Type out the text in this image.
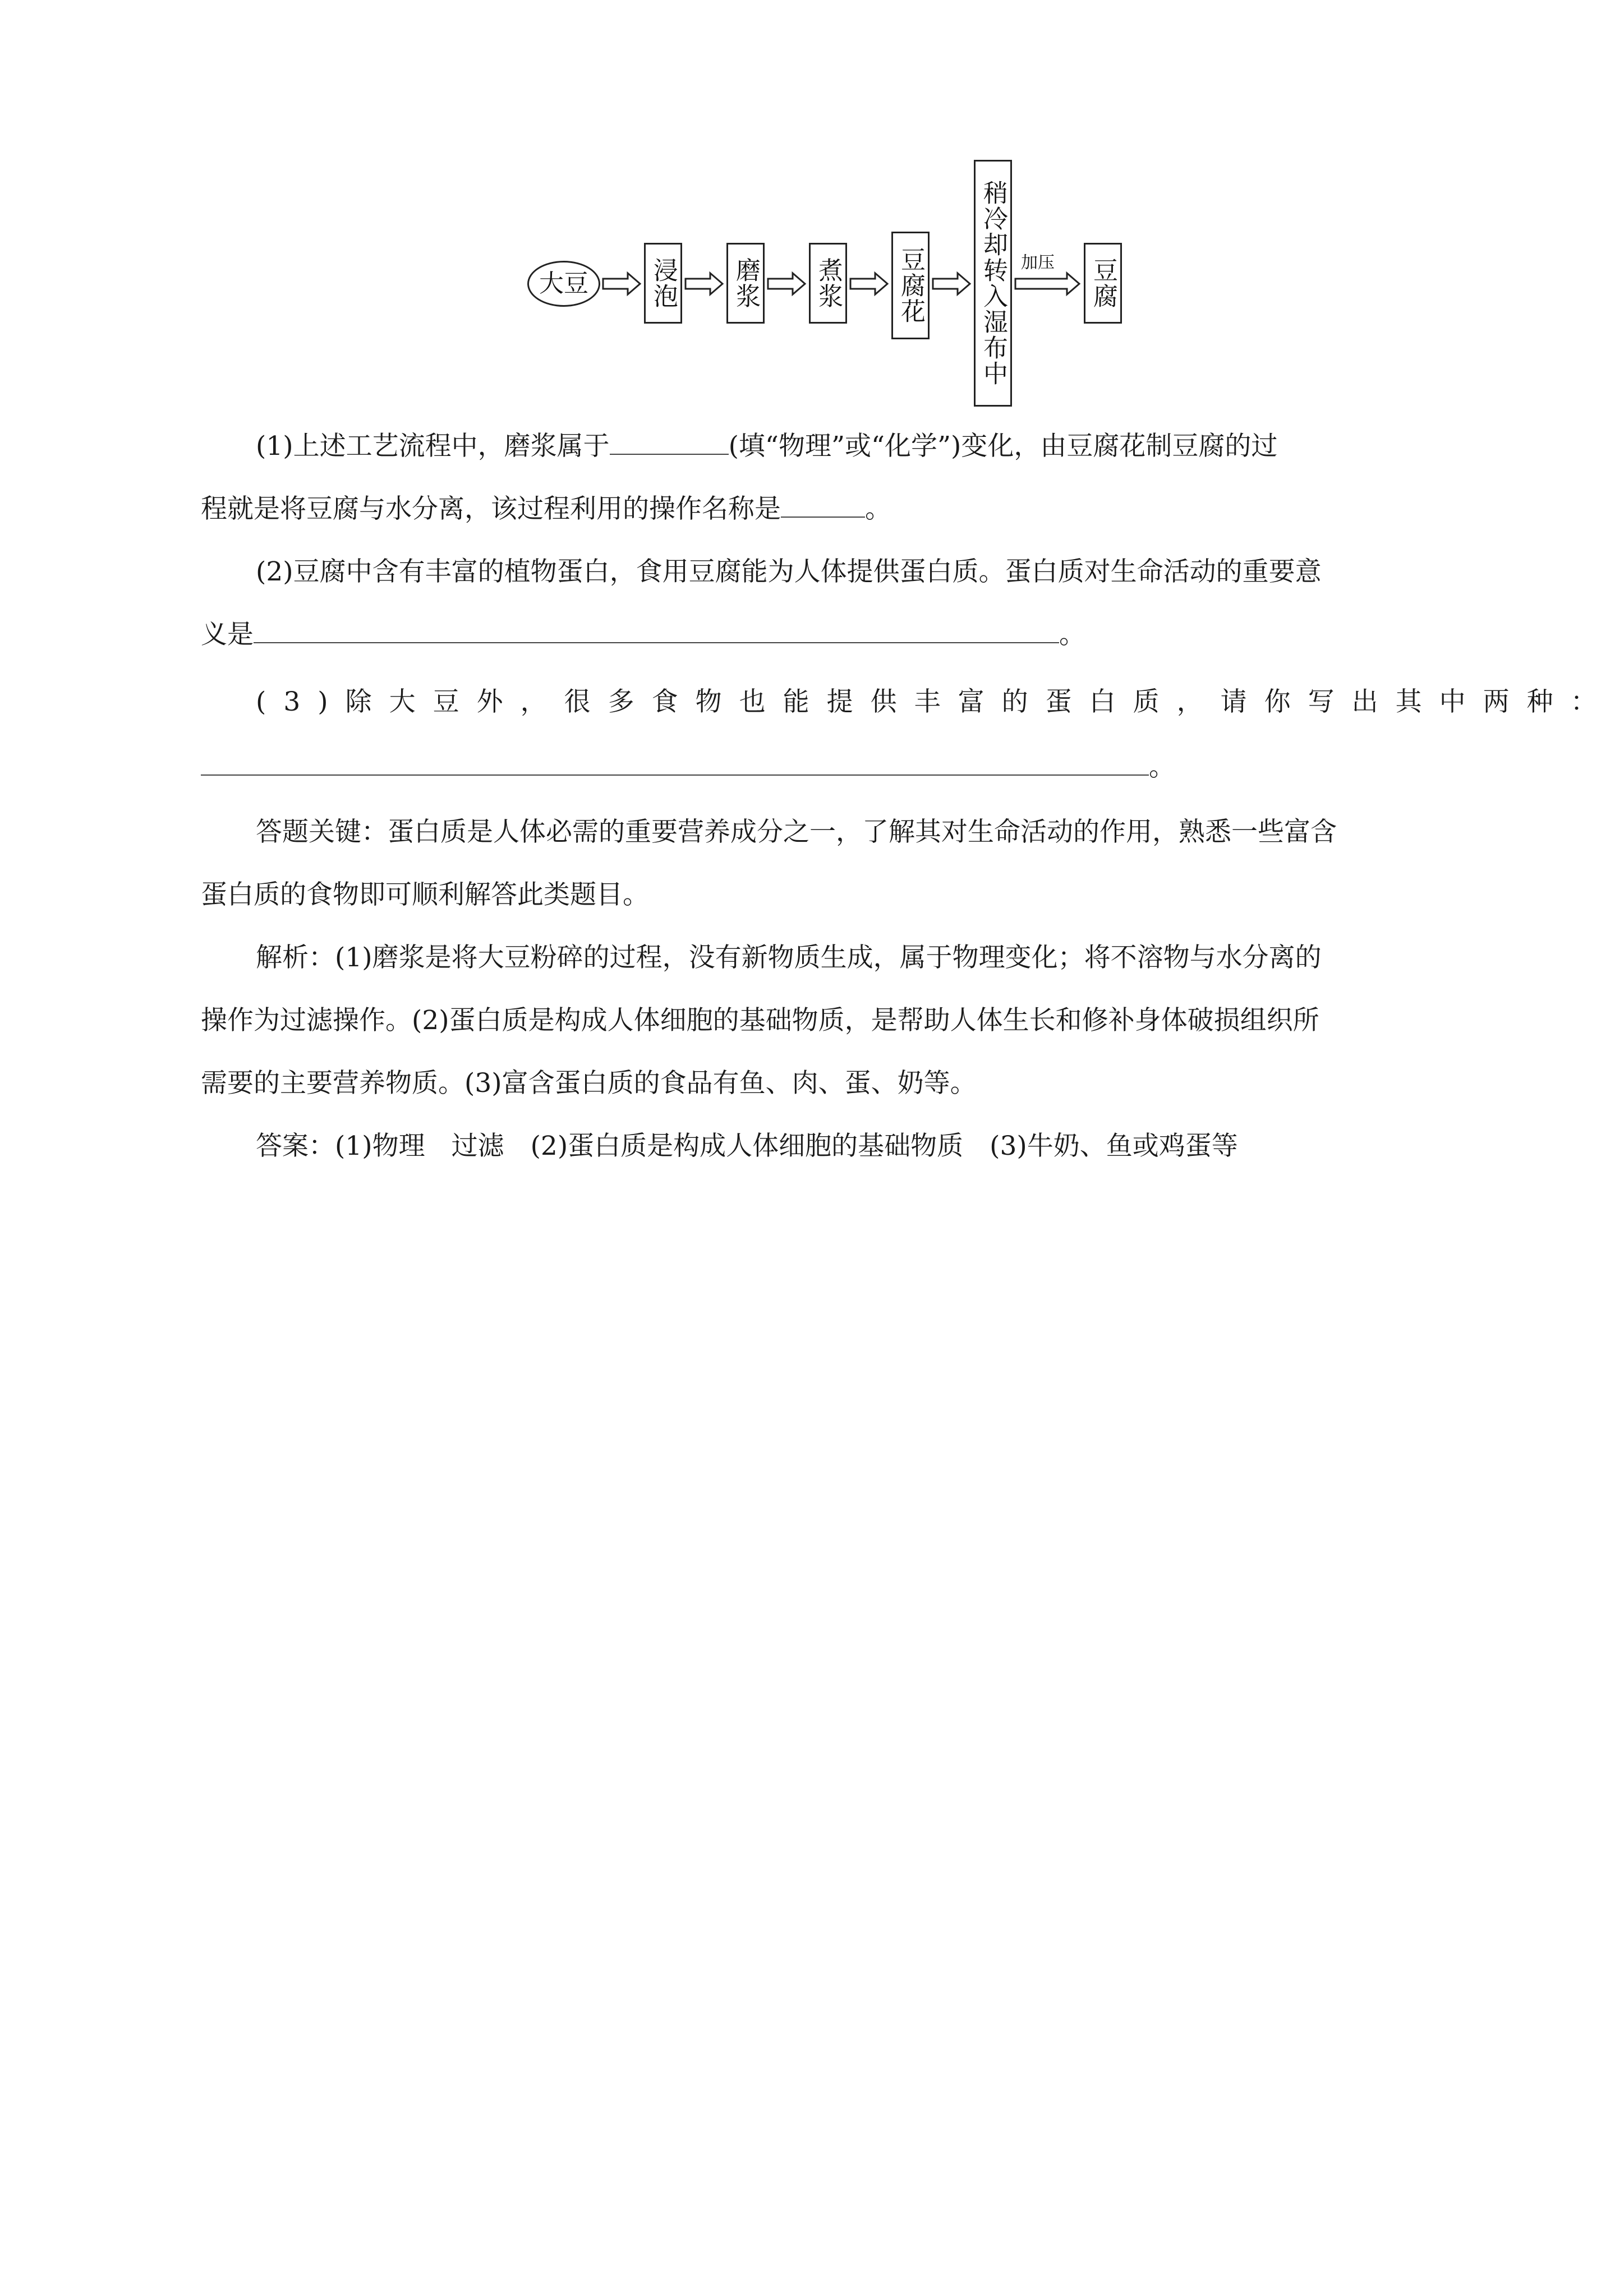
大豆	浸泡 磨浆 煮浆 豆腐花 稍冷却转入湿布中 加压 豆腐
(1)上述工艺流程中，磨浆属于	(填“物理”或“化学”)变化，由豆腐花制豆腐的过
程就是将豆腐与水分离，该过程利用的操作名称是	。
(2)豆腐中含有丰富的植物蛋白，食用豆腐能为人体提供蛋白质。蛋白质对生命活动的重要意
义是	。
(3)除大豆外，很多食物也能提供丰富的蛋白质，请你写出其中两种：
。
答题关键：蛋白质是人体必需的重要营养成分之一，了解其对生命活动的作用，熟悉一些富含
蛋白质的食物即可顺利解答此类题目。
解析：(1)磨浆是将大豆粉碎的过程，没有新物质生成，属于物理变化；将不溶物与水分离的
操作为过滤操作。(2)蛋白质是构成人体细胞的基础物质，是帮助人体生长和修补身体破损组织所
需要的主要营养物质。(3)富含蛋白质的食品有鱼、肉、蛋、奶等。
答案：(1)物理　过滤　(2)蛋白质是构成人体细胞的基础物质　(3)牛奶、鱼或鸡蛋等
